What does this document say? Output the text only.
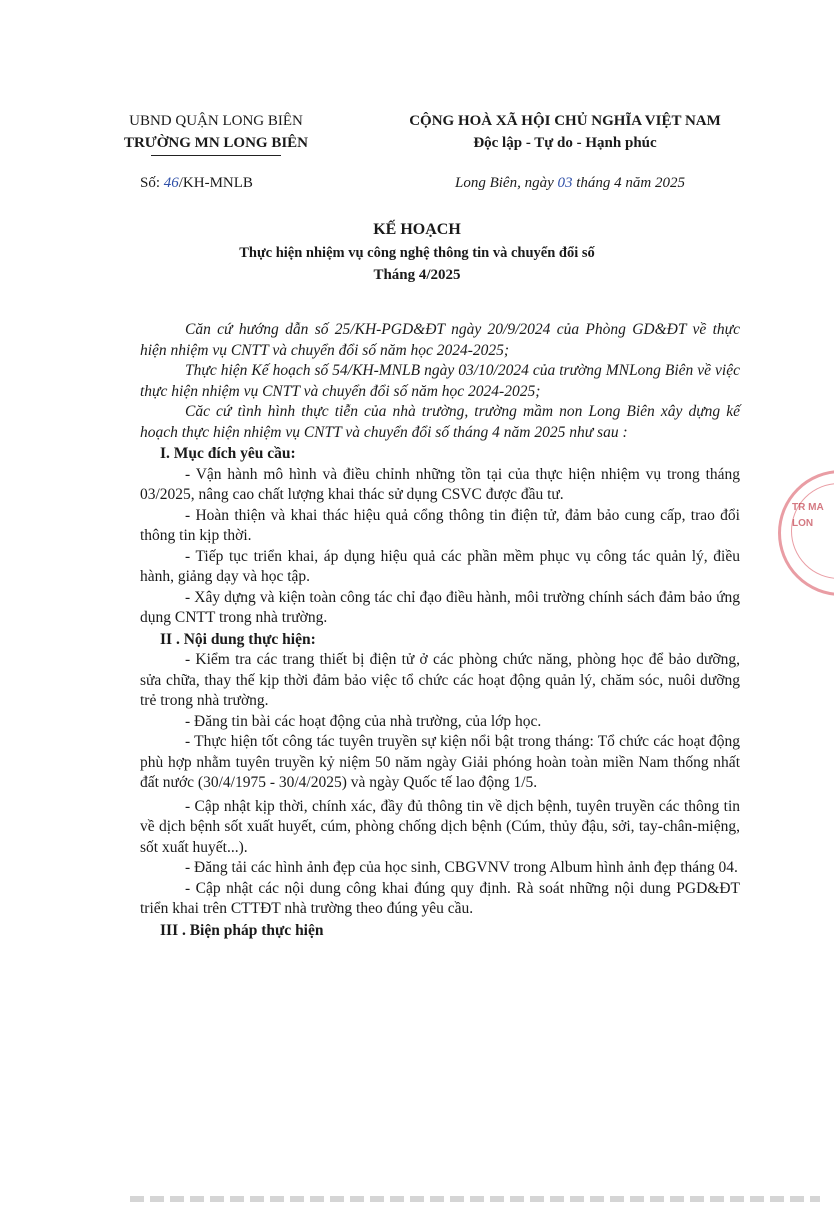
UBND QUẬN LONG BIÊN
TRƯỜNG MN LONG BIÊN
CỘNG HOÀ XÃ HỘI CHỦ NGHĨA VIỆT NAM
Độc lập - Tự do - Hạnh phúc
Số: 46/KH-MNLB	Long Biên, ngày 03 tháng 4 năm 2025
KẾ HOẠCH
Thực hiện nhiệm vụ công nghệ thông tin và chuyển đổi số
Tháng 4/2025

Căn cứ hướng dẫn số 25/KH-PGD&ĐT ngày 20/9/2024 của Phòng GD&ĐT về thực hiện nhiệm vụ CNTT và chuyển đổi số năm học 2024-2025;

Thực hiện Kế hoạch số 54/KH-MNLB ngày 03/10/2024 của trường MNLong Biên về việc thực hiện nhiệm vụ CNTT và chuyển đổi số năm học 2024-2025;

Căc cứ tình hình thực tiễn của nhà trường, trường mầm non Long Biên xây dựng kế hoạch thực hiện nhiệm vụ CNTT và chuyển đổi số tháng 4 năm 2025 như sau :

I. Mục đích yêu cầu:

- Vận hành mô hình và điều chỉnh những tồn tại của thực hiện nhiệm vụ trong tháng 03/2025, nâng cao chất lượng khai thác sử dụng CSVC được đầu tư.

- Hoàn thiện và khai thác hiệu quả cổng thông tin điện tử, đảm bảo cung cấp, trao đổi thông tin kịp thời.

- Tiếp tục triển khai, áp dụng hiệu quả các phần mềm phục vụ công tác quản lý, điều hành, giảng dạy và học tập.

- Xây dựng và kiện toàn công tác chỉ đạo điều hành, môi trường chính sách đảm bảo ứng dụng CNTT trong nhà trường.

II . Nội dung thực hiện:

- Kiểm tra các trang thiết bị điện tử ở các phòng chức năng, phòng học để bảo dưỡng, sửa chữa, thay thế kịp thời đảm bảo việc tổ chức các hoạt động quản lý, chăm sóc, nuôi dưỡng trẻ trong nhà trường.

- Đăng tin bài các hoạt động của nhà trường, của lớp học.

- Thực hiện tốt công tác tuyên truyền sự kiện nổi bật trong tháng: Tổ chức các hoạt động phù hợp nhằm tuyên truyền kỷ niệm 50 năm ngày Giải phóng hoàn toàn miền Nam thống nhất đất nước (30/4/1975 - 30/4/2025) và ngày Quốc tế lao động 1/5.

- Cập nhật kịp thời, chính xác, đầy đủ thông tin về dịch bệnh, tuyên truyền các thông tin về dịch bệnh sốt xuất huyết, cúm, phòng chống dịch bệnh (Cúm, thủy đậu, sởi, tay-chân-miệng, sốt xuất huyết...).

- Đăng tải các hình ảnh đẹp của học sinh, CBGVNV trong Album hình ảnh đẹp tháng 04.

- Cập nhật các nội dung công khai đúng quy định. Rà soát những nội dung PGD&ĐT triển khai trên CTTĐT nhà trường theo đúng yêu cầu.

III . Biện pháp thực hiện

TR MA LON
